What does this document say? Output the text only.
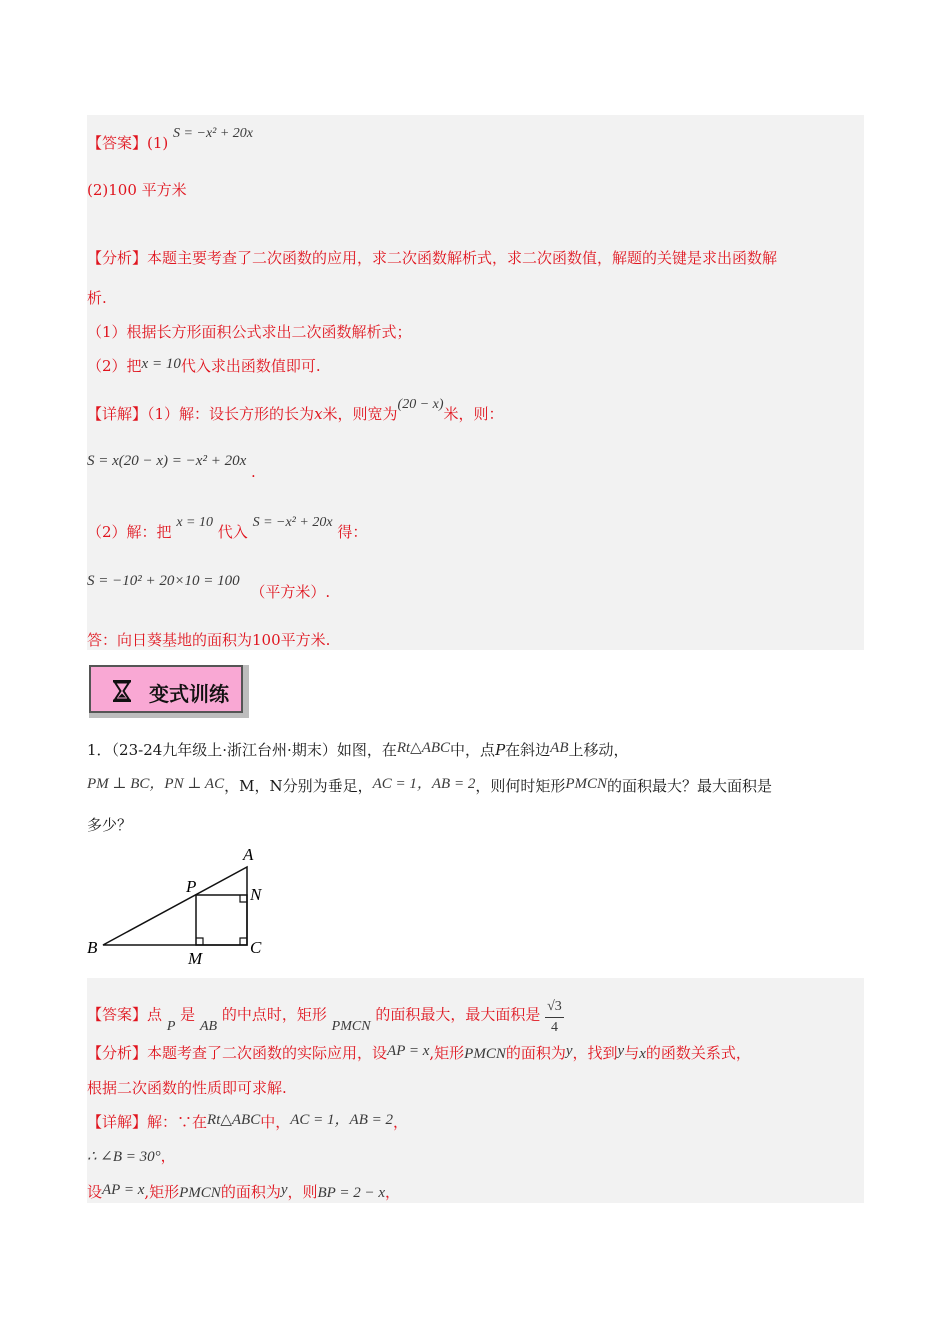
【答案】(1) S = −x² + 20x
(2)100 平方米
【分析】本题主要考查了二次函数的应用，求二次函数解析式，求二次函数值，解题的关键是求出函数解
析.
（1）根据长方形面积公式求出二次函数解析式；
（2）把x = 10代入求出函数值即可.
【详解】（1）解：设长方形的长为x米，则宽为(20 − x)米，则：
S = x(20 − x) = −x² + 20x .
（2）解：把 x = 10 代入 S = −x² + 20x 得：
S = −10² + 20×10 = 100 （平方米）.
答：向日葵基地的面积为100平方米.
变式训练
1．（23-24九年级上·浙江台州·期末）如图，在Rt△ABC中，点P在斜边AB上移动，
PM ⊥ BC，PN ⊥ AC，M，N分别为垂足，AC = 1，AB = 2，则何时矩形PMCN的面积最大？最大面积是
多少？
A
B	C
M
N
P
【答案】点 P 是 AB 的中点时，矩形 PMCN 的面积最大，最大面积是 $\frac{√3}{4}$
【分析】本题考查了二次函数的实际应用，设AP = x,矩形PMCN的面积为y，找到y与x的函数关系式，
根据二次函数的性质即可求解.
【详解】解：∵在Rt△ABC中，AC = 1，AB = 2，
∴ ∠B = 30°，
设AP = x,矩形PMCN的面积为y，则BP = 2 − x，
